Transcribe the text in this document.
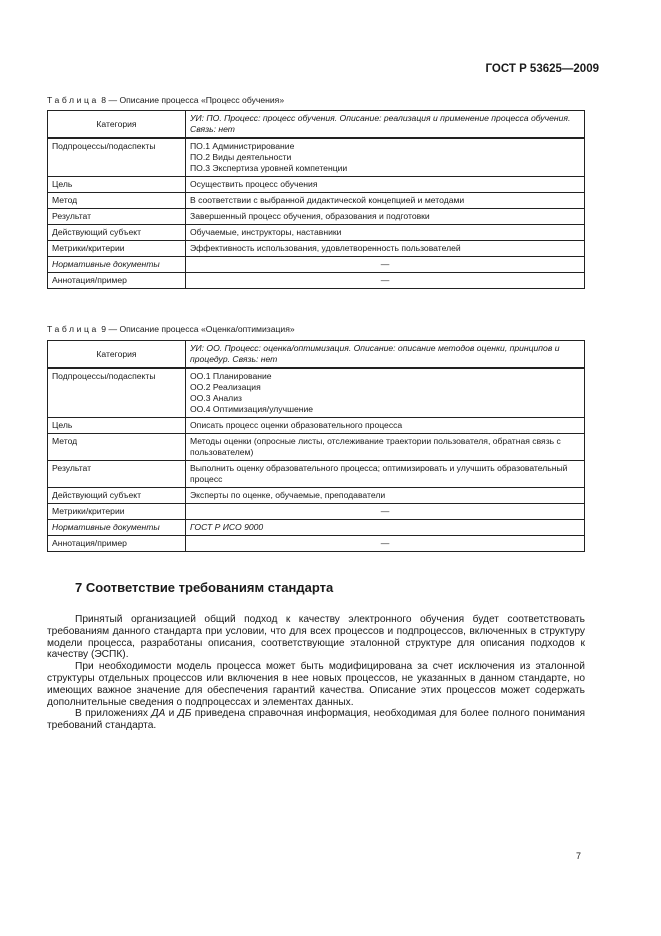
ГОСТ Р 53625—2009
Таблица 8 — Описание процесса «Процесс обучения»
Категория	УИ: ПО. Процесс: процесс обучения. Описание: реализация и применение процесса обучения. Связь: нет
Подпроцессы/подаспекты	ПО.1 Администрирование
ПО.2 Виды деятельности
ПО.3 Экспертиза уровней компетенции

Цель	Осуществить процесс обучения
Метод	В соответствии с выбранной дидактической концепцией и методами
Результат	Завершенный процесс обучения, образования и подготовки
Действующий субъект	Обучаемые, инструкторы, наставники
Метрики/критерии	Эффективность использования, удовлетворенность пользователей
Нормативные документы	—
Аннотация/пример	—
Таблица 9 — Описание процесса «Оценка/оптимизация»
Категория	УИ: ОО. Процесс: оценка/оптимизация. Описание: описание методов оценки, принципов и процедур. Связь: нет
Подпроцессы/подаспекты	ОО.1 Планирование
ОО.2 Реализация
ОО.3 Анализ
ОО.4 Оптимизация/улучшение

Цель	Описать процесс оценки образовательного процесса
Метод	Методы оценки (опросные листы, отслеживание траектории пользователя, обратная связь с пользователем)
Результат	Выполнить оценку образовательного процесса; оптимизировать и улучшить образовательный процесс
Действующий субъект	Эксперты по оценке, обучаемые, преподаватели
Метрики/критерии	—
Нормативные документы	ГОСТ Р ИСО 9000
Аннотация/пример	—
7 Соответствие требованиям стандарта

Принятый организацией общий подход к качеству электронного обучения будет соответствовать требованиям данного стандарта при условии, что для всех процессов и подпроцессов, включенных в структуру модели процесса, разработаны описания, соответствующие эталонной структуре для описания подходов к качеству (ЭСПК).

При необходимости модель процесса может быть модифицирована за счет исключения из эталонной структуры отдельных процессов или включения в нее новых процессов, не указанных в данном стандарте, но имеющих важное значение для обеспечения гарантий качества. Описание этих процессов может содержать дополнительные сведения о подпроцессах и элементах данных.

В приложениях ДА и ДБ приведена справочная информация, необходимая для более полного понимания требований стандарта.

7
